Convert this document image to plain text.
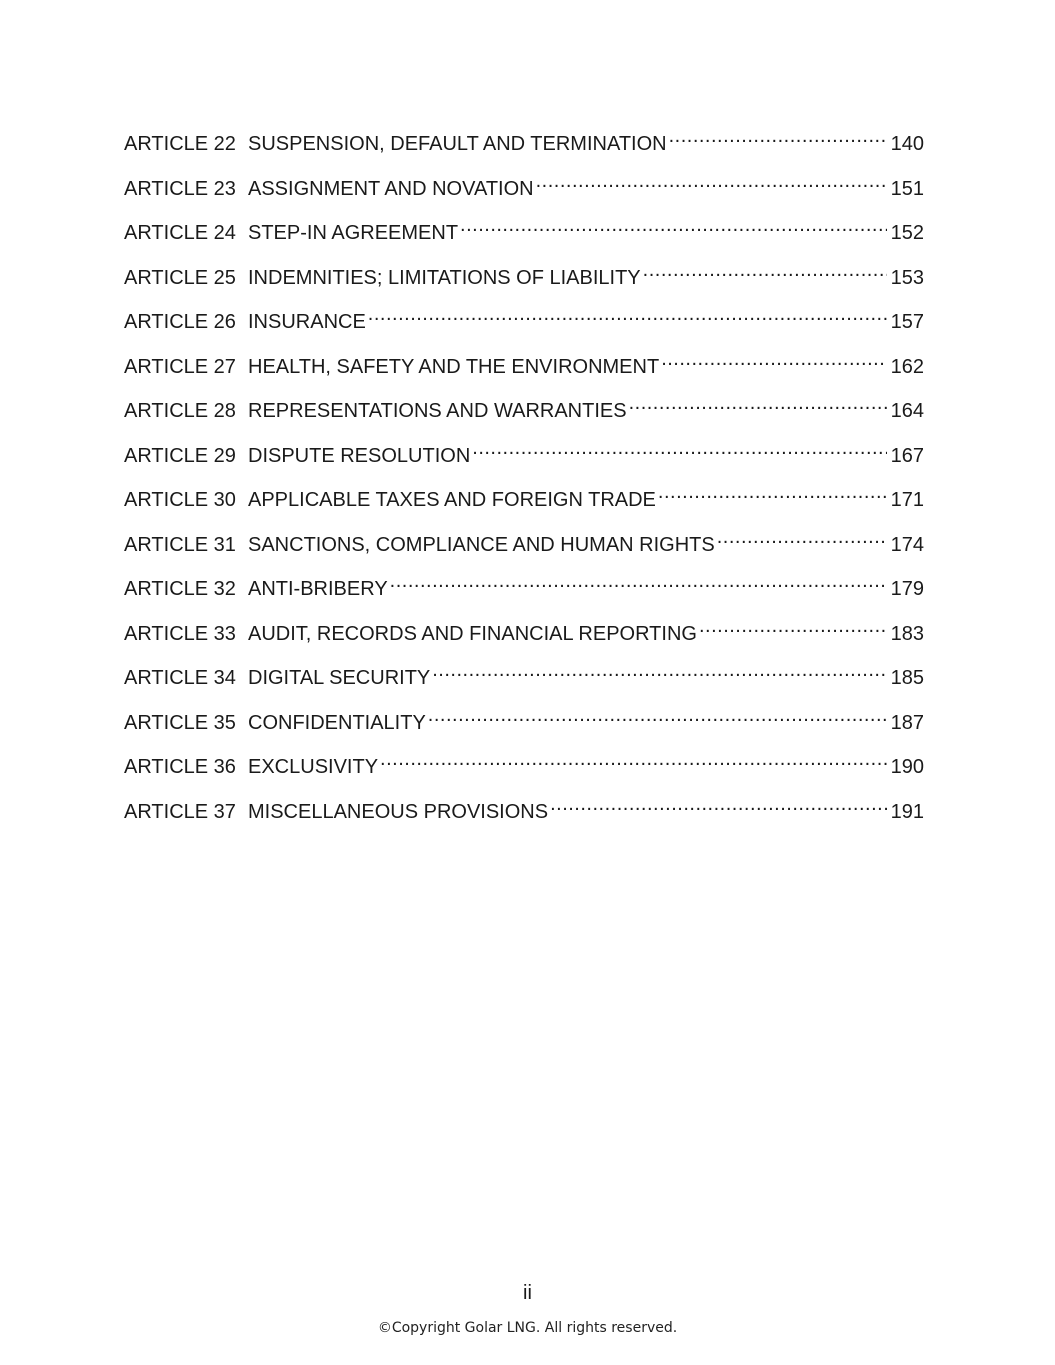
ARTICLE 22 SUSPENSION, DEFAULT AND TERMINATION .....	140
ARTICLE 23 ASSIGNMENT AND NOVATION .....	151
ARTICLE 24 STEP-IN AGREEMENT .....	152
ARTICLE 25 INDEMNITIES; LIMITATIONS OF LIABILITY .....	153
ARTICLE 26 INSURANCE .....	157
ARTICLE 27 HEALTH, SAFETY AND THE ENVIRONMENT .....	162
ARTICLE 28 REPRESENTATIONS AND WARRANTIES .....	164
ARTICLE 29 DISPUTE RESOLUTION .....	167
ARTICLE 30 APPLICABLE TAXES AND FOREIGN TRADE .....	171
ARTICLE 31 SANCTIONS, COMPLIANCE AND HUMAN RIGHTS .....	174
ARTICLE 32 ANTI-BRIBERY .....	179
ARTICLE 33 AUDIT, RECORDS AND FINANCIAL REPORTING .....	183
ARTICLE 34 DIGITAL SECURITY .....	185
ARTICLE 35 CONFIDENTIALITY .....	187
ARTICLE 36 EXCLUSIVITY .....	190
ARTICLE 37 MISCELLANEOUS PROVISIONS .....	191
ii
©Copyright Golar LNG. All rights reserved.
